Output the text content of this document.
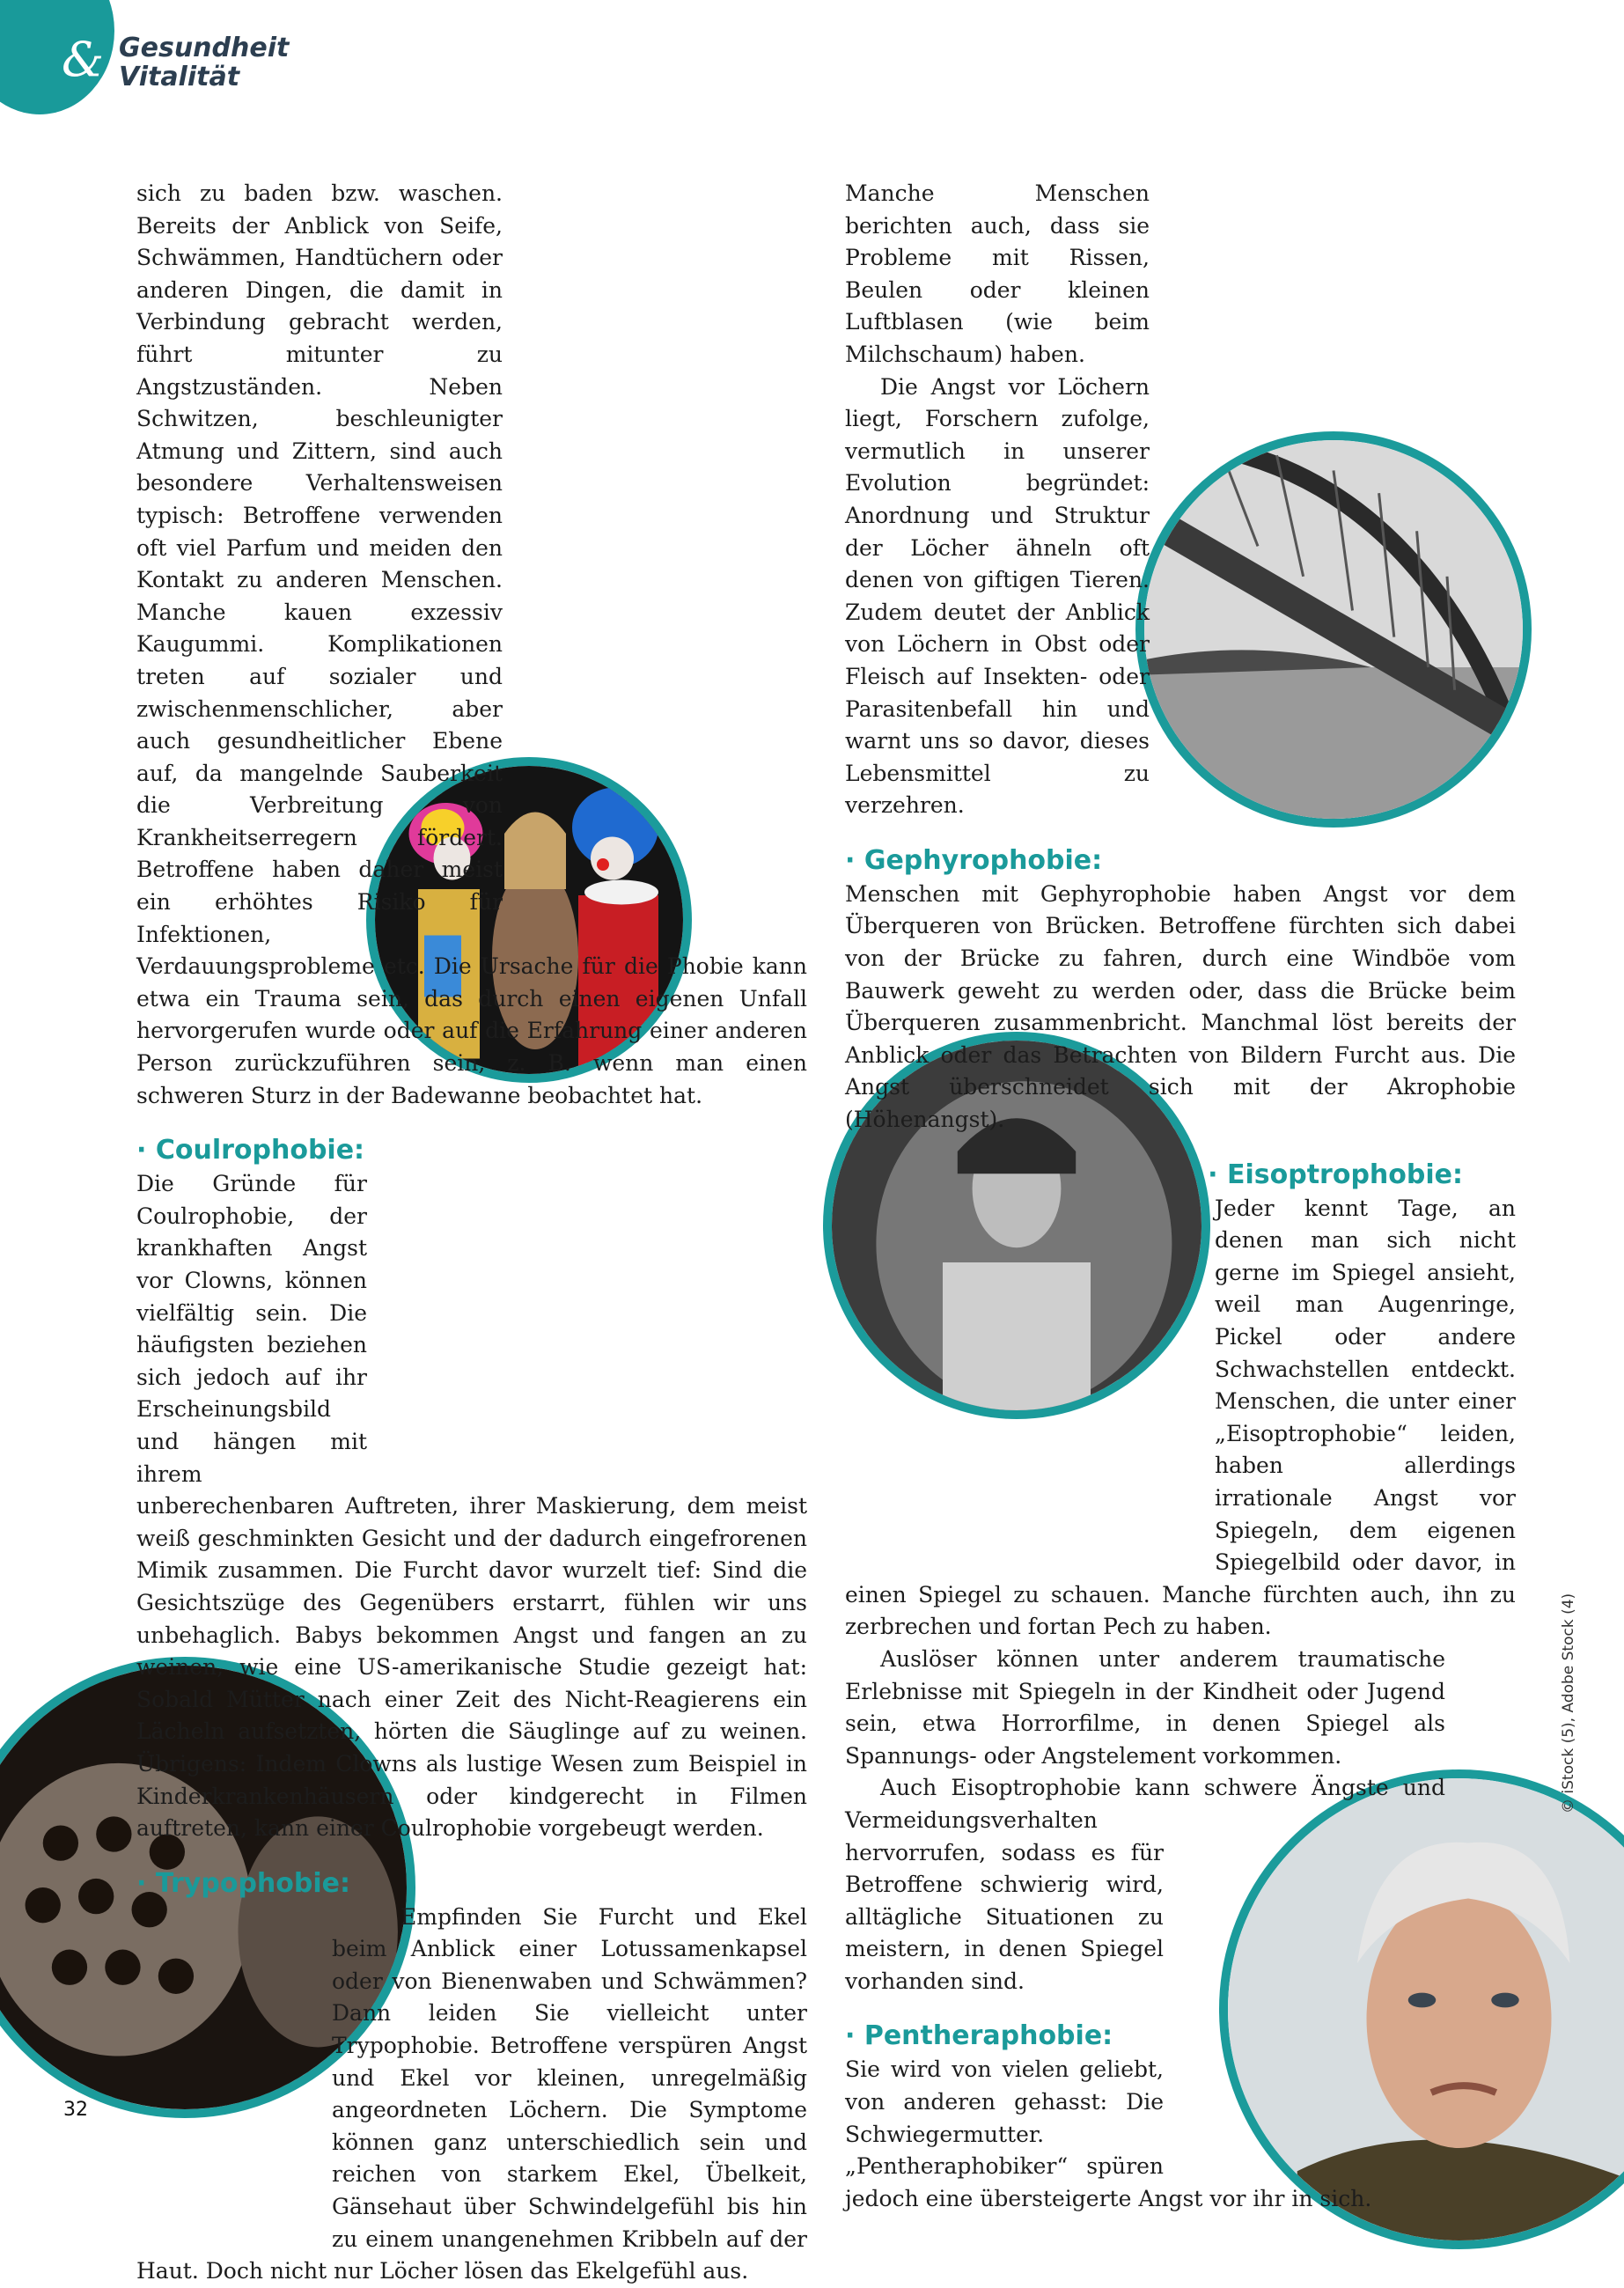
& Gesundheit
Vitalität

sich zu baden bzw. waschen. Bereits der Anblick von Seife, Schwämmen, Handtüchern oder anderen Dingen, die damit in Verbindung gebracht werden, führt mitunter zu Angstzuständen. Neben Schwitzen, beschleunigter Atmung und Zittern, sind auch besondere Verhaltensweisen typisch: Betroffene verwenden oft viel Parfum und meiden den Kontakt zu anderen Menschen. Manche kauen exzessiv Kaugummi. Komplikationen treten auf sozialer und zwischenmenschlicher, aber auch gesundheitlicher Ebene auf, da mangelnde Sauberkeit die Verbreitung von Krankheitserregern fördert. Betroffene haben daher meist ein erhöhtes Risiko für Infektionen, Verdauungsprobleme etc. Die Ursache für die Phobie kann etwa ein Trauma sein, das durch einen eigenen Unfall hervorgerufen wurde oder auf die Erfahrung einer anderen Person zurückzuführen sein, z. B. wenn man einen schweren Sturz in der Badewanne beobachtet hat.

· Coulrophobie:

Die Gründe für Coulrophobie, der krankhaften Angst vor Clowns, können vielfältig sein. Die häufigsten beziehen sich jedoch auf ihr Erscheinungsbild und hängen mit ihrem unberechenbaren Auftreten, ihrer Maskierung, dem meist weiß geschminkten Gesicht und der dadurch eingefrorenen Mimik zusammen. Die Furcht davor wurzelt tief: Sind die Gesichtszüge des Gegenübers erstarrt, fühlen wir uns unbehaglich. Babys bekommen Angst und fangen an zu weinen, wie eine US-amerikanische Studie gezeigt hat: Sobald Mütter nach einer Zeit des Nicht-Reagierens ein Lächeln aufsetzten, hörten die Säuglinge auf zu weinen. Übrigens: Indem Clowns als lustige Wesen zum Beispiel in Kinderkrankenhäusern oder kindgerecht in Filmen auftreten, kann einer Coulrophobie vorgebeugt werden.

· Trypophobie:

Empfinden Sie Furcht und Ekel beim Anblick einer Lotussamenkapsel oder von Bienenwaben und Schwämmen? Dann leiden Sie vielleicht unter Trypophobie. Betroffene verspüren Angst und Ekel vor kleinen, unregelmäßig angeordneten Löchern. Die Symptome können ganz unterschiedlich sein und reichen von starkem Ekel, Übelkeit, Gänsehaut über Schwindelgefühl bis hin zu einem unangenehmen Kribbeln auf der Haut. Doch nicht nur Löcher lösen das Ekelgefühl aus.

Manche Menschen berichten auch, dass sie Probleme mit Rissen, Beulen oder kleinen Luftblasen (wie beim Milchschaum) haben.

Die Angst vor Löchern liegt, Forschern zufolge, vermutlich in unserer Evolution begründet: Anordnung und Struktur der Löcher ähneln oft denen von giftigen Tieren. Zudem deutet der Anblick von Löchern in Obst oder Fleisch auf Insekten- oder Parasitenbefall hin und warnt uns so davor, dieses Lebensmittel zu verzehren.

· Gephyrophobie:

Menschen mit Gephyrophobie haben Angst vor dem Überqueren von Brücken. Betroffene fürchten sich dabei von der Brücke zu fahren, durch eine Windböe vom Bauwerk geweht zu werden oder, dass die Brücke beim Überqueren zusammenbricht. Manchmal löst bereits der Anblick oder das Betrachten von Bildern Furcht aus. Die Angst überschneidet sich mit der Akrophobie (Höhenangst).

· Eisoptrophobie:

Jeder kennt Tage, an denen man sich nicht gerne im Spiegel ansieht, weil man Augenringe, Pickel oder andere Schwachstellen entdeckt. Menschen, die unter einer „Eisoptrophobie“ leiden, haben allerdings irrationale Angst vor Spiegeln, dem eigenen Spiegelbild oder davor, in einen Spiegel zu schauen. Manche fürchten auch, ihn zu zerbrechen und fortan Pech zu haben.

Auslöser können unter anderem traumatische Erlebnisse mit Spiegeln in der Kindheit oder Jugend sein, etwa Horrorfilme, in denen Spiegel als Spannungs- oder Angstelement vorkommen.

Auch Eisoptrophobie kann schwere Ängste und Vermeidungsverhalten hervorrufen, sodass es für Betroffene schwierig wird, alltägliche Situationen zu meistern, in denen Spiegel vorhanden sind.

· Pentheraphobie:

Sie wird von vielen geliebt, von anderen gehasst: Die Schwiegermutter. „Pentheraphobiker“ spüren jedoch eine übersteigerte Angst vor ihr in sich.

32
© iStock (5), Adobe Stock (4)
